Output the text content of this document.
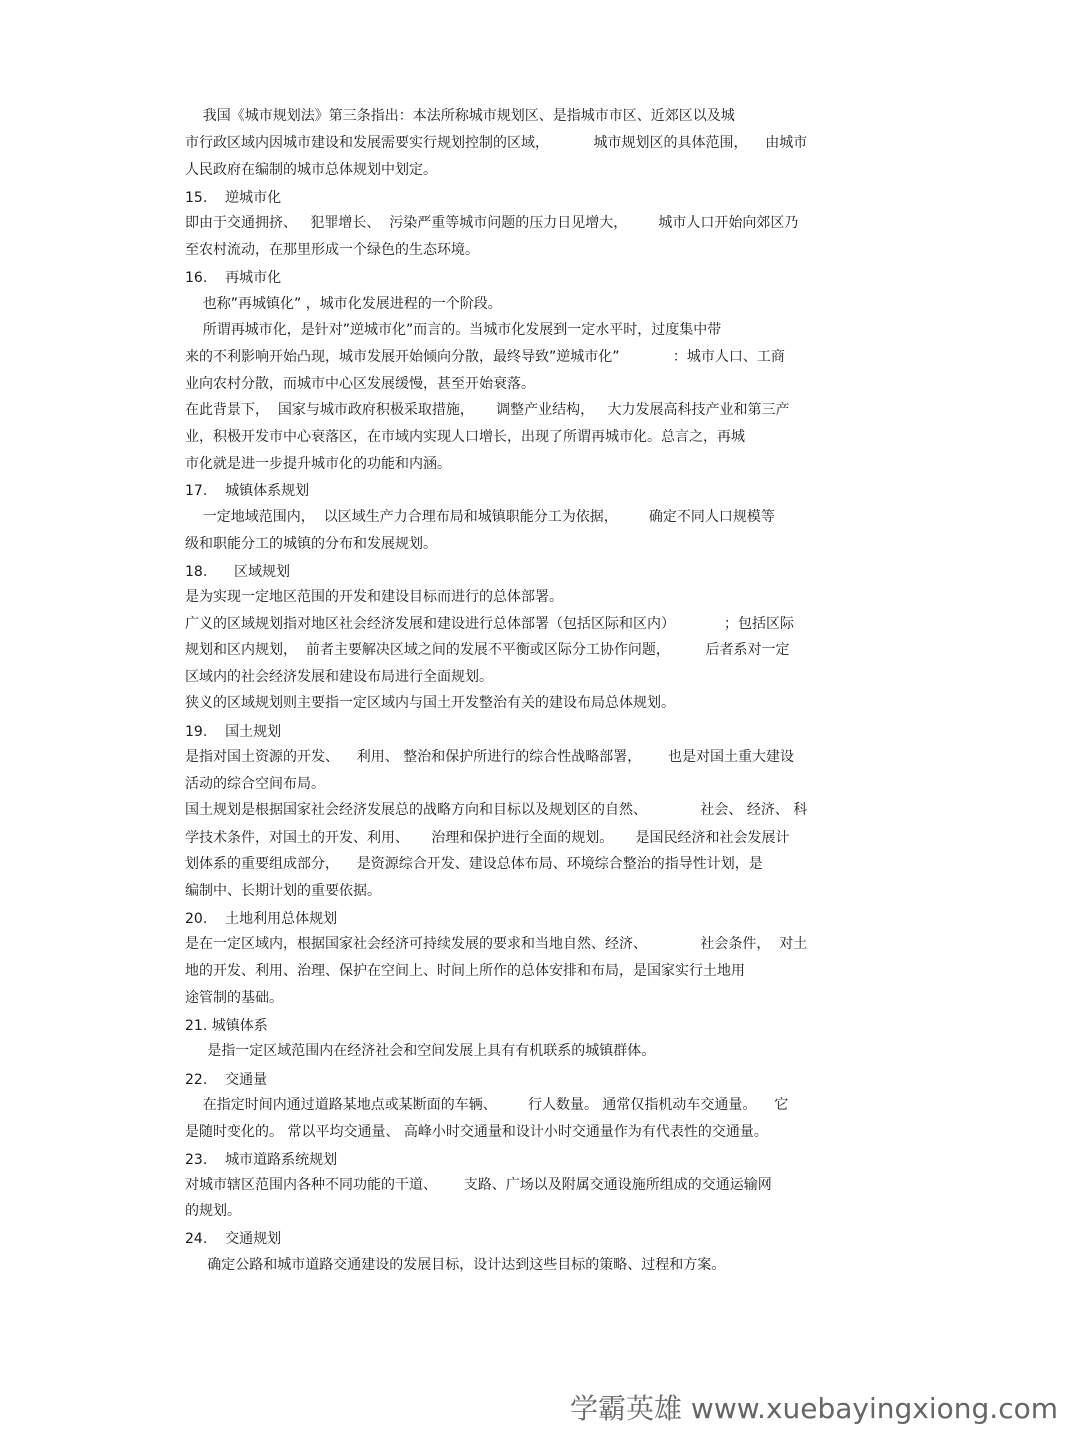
我国《城市规划法》第三条指出：本法所称城市规划区、是指城市市区、近郊区以及城

市行政区域内因城市建设和发展需要实行规划控制的区域，          城市规划区的具体范围，    由城市

人民政府在编制的城市总体规划中划定。

15.    逆城市化

即由于交通拥挤、   犯罪增长、  污染严重等城市问题的压力日见增大，       城市人口开始向郊区乃

至农村流动，在那里形成一个绿色的生态环境。

16.    再城市化

也称”再城镇化” ，城市化发展进程的一个阶段。

所谓再城市化，是针对”逆城市化”而言的。当城市化发展到一定水平时，过度集中带

来的不利影响开始凸现，城市发展开始倾向分散，最终导致”逆城市化”            ：城市人口、工商

业向农村分散，而城市中心区发展缓慢，甚至开始衰落。

在此背景下，  国家与城市政府积极采取措施，     调整产业结构，   大力发展高科技产业和第三产

业，积极开发市中心衰落区，在市域内实现人口增长，出现了所谓再城市化。总言之，再城

市化就是进一步提升城市化的功能和内涵。

17.    城镇体系规划

一定地域范围内，  以区域生产力合理布局和城镇职能分工为依据，       确定不同人口规模等

级和职能分工的城镇的分布和发展规划。

18.      区域规划

是为实现一定地区范围的开发和建设目标而进行的总体部署。

广义的区域规划指对地区社会经济发展和建设进行总体部署（包括区际和区内）           ；包括区际

规划和区内规划，  前者主要解决区域之间的发展不平衡或区际分工协作问题，        后者系对一定

区域内的社会经济发展和建设布局进行全面规划。

狭义的区域规划则主要指一定区域内与国土开发整治有关的建设布局总体规划。

19.    国土规划

是指对国土资源的开发、    利用、 整治和保护所进行的综合性战略部署，      也是对国土重大建设

活动的综合空间布局。

国土规划是根据国家社会经济发展总的战略方向和目标以及规划区的自然、            社会、 经济、 科

学技术条件，对国土的开发、利用、     治理和保护进行全面的规划。     是国民经济和社会发展计

划体系的重要组成部分，    是资源综合开发、建设总体布局、环境综合整治的指导性计划，是

编制中、长期计划的重要依据。

20.    土地利用总体规划

是在一定区域内，根据国家社会经济可持续发展的要求和当地自然、经济、            社会条件，  对土

地的开发、利用、治理、保护在空间上、时间上所作的总体安排和布局，是国家实行土地用

途管制的基础。

21. 城镇体系

是指一定区域范围内在经济社会和空间发展上具有有机联系的城镇群体。

22.    交通量

在指定时间内通过道路某地点或某断面的车辆、       行人数量。 通常仅指机动车交通量。    它

是随时变化的。 常以平均交通量、 高峰小时交通量和设计小时交通量作为有代表性的交通量。

23.    城市道路系统规划

对城市辖区范围内各种不同功能的干道、      支路、广场以及附属交通设施所组成的交通运输网

的规划。

24.    交通规划

确定公路和城市道路交通建设的发展目标，设计达到这些目标的策略、过程和方案。

学霸英雄 www.xuebayingxiong.com
